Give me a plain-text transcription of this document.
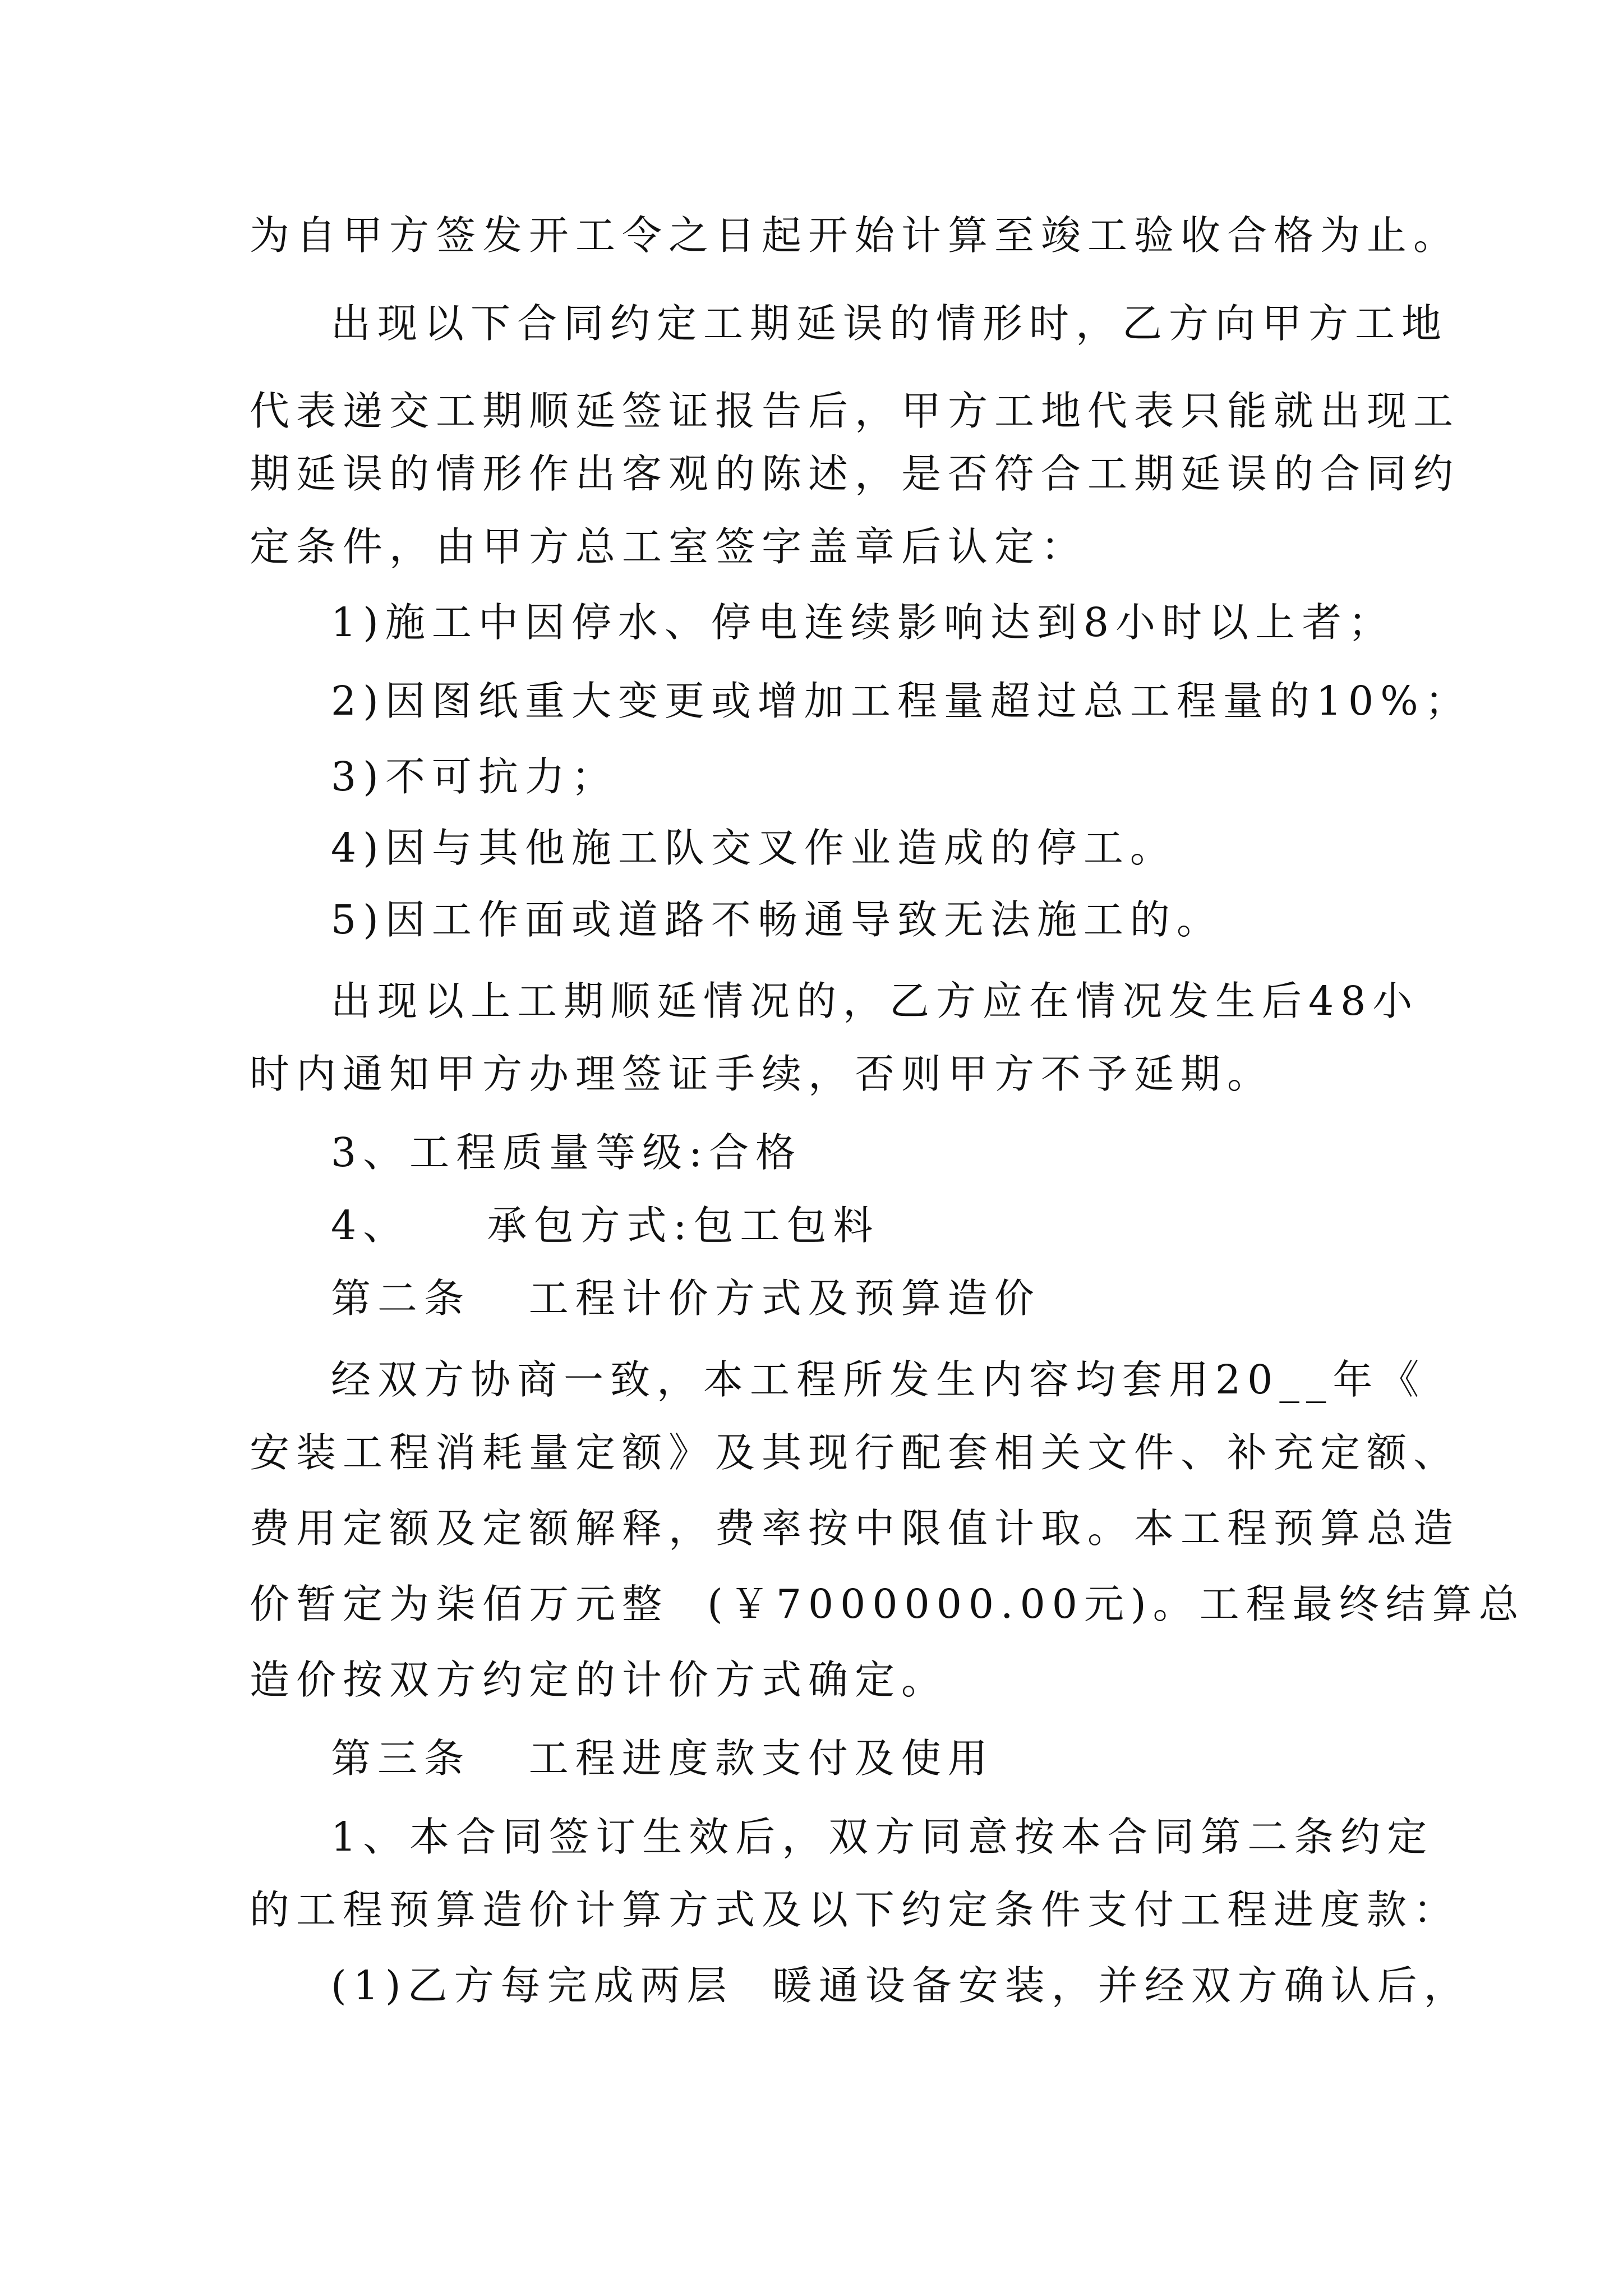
为自甲方签发开工令之日起开始计算至竣工验收合格为止。
出现以下合同约定工期延误的情形时，乙方向甲方工地
代表递交工期顺延签证报告后，甲方工地代表只能就出现工
期延误的情形作出客观的陈述，是否符合工期延误的合同约
定条件，由甲方总工室签字盖章后认定：
1)施工中因停水、停电连续影响达到8小时以上者；
2)因图纸重大变更或增加工程量超过总工程量的10%；
3)不可抗力；
4)因与其他施工队交叉作业造成的停工。
5)因工作面或道路不畅通导致无法施工的。
出现以上工期顺延情况的，乙方应在情况发生后48小
时内通知甲方办理签证手续，否则甲方不予延期。
3、工程质量等级:合格
4、    承包方式:包工包料
第二条   工程计价方式及预算造价
经双方协商一致，本工程所发生内容均套用20__年《
安装工程消耗量定额》及其现行配套相关文件、补充定额、
费用定额及定额解释，费率按中限值计取。本工程预算总造
价暂定为柒佰万元整  (￥7000000.00元)。工程最终结算总
造价按双方约定的计价方式确定。
第三条   工程进度款支付及使用
1、本合同签订生效后，双方同意按本合同第二条约定
的工程预算造价计算方式及以下约定条件支付工程进度款：
(1)乙方每完成两层  暖通设备安装，并经双方确认后，
